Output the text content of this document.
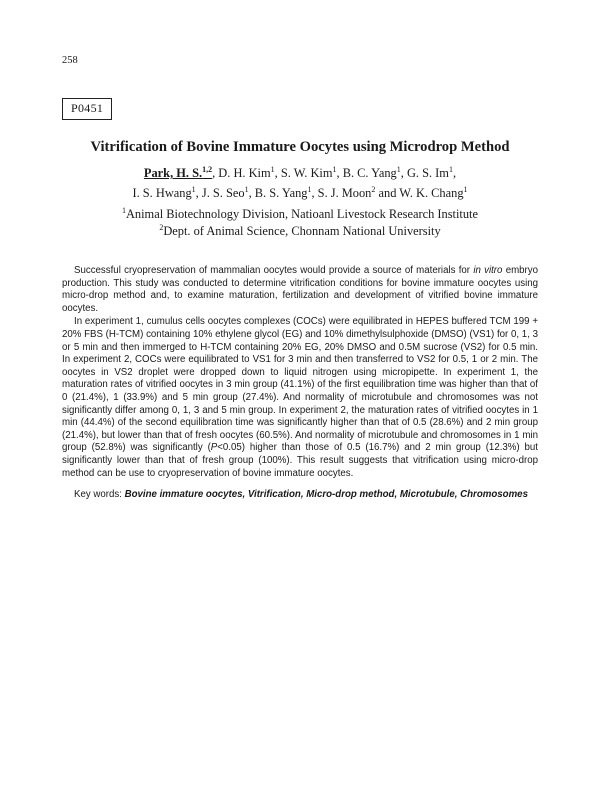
258
P0451
Vitrification of Bovine Immature Oocytes using Microdrop Method
Park, H. S.$^{1,2}$, D. H. Kim$^1$, S. W. Kim$^1$, B. C. Yang$^1$, G. S. Im$^1$,
I. S. Hwang$^1$, J. S. Seo$^1$, B. S. Yang$^1$, S. J. Moon$^2$ and W. K. Chang$^1$
$^1$Animal Biotechnology Division, Natioanl Livestock Research Institute
$^2$Dept. of Animal Science, Chonnam National University

Successful cryopreservation of mammalian oocytes would provide a source of materials for in vitro embryo production. This study was conducted to determine vitrification conditions for bovine immature oocytes using micro-drop method and, to examine maturation, fertilization and development of vitrified bovine immature oocytes.

In experiment 1, cumulus cells oocytes complexes (COCs) were equilibrated in HEPES buffered TCM 199 + 20% FBS (H-TCM) containing 10% ethylene glycol (EG) and 10% dimethylsulphoxide (DMSO) (VS1) for 0, 1, 3 or 5 min and then immerged to H-TCM containing 20% EG, 20% DMSO and 0.5M sucrose (VS2) for 0.5 min. In experiment 2, COCs were equilibrated to VS1 for 3 min and then transferred to VS2 for 0.5, 1 or 2 min. The oocytes in VS2 droplet were dropped down to liquid nitrogen using micropipette. In experiment 1, the maturation rates of vitrified oocytes in 3 min group (41.1%) of the first equilibration time was higher than that of 0 (21.4%), 1 (33.9%) and 5 min group (27.4%). And normality of microtubule and chromosomes was not significantly differ among 0, 1, 3 and 5 min group. In experiment 2, the maturation rates of vitrified oocytes in 1 min (44.4%) of the second equilibration time was significantly higher than that of 0.5 (28.6%) and 2 min group (21.4%), but lower than that of fresh oocytes (60.5%). And normality of microtubule and chromosomes in 1 min group (52.8%) was significantly (P<0.05) higher than those of 0.5 (16.7%) and 2 min group (12.3%) but significantly lower than that of fresh group (100%). This result suggests that vitrification using micro-drop method can be use to cryopreservation of bovine immature oocytes.

Key words: Bovine immature oocytes, Vitrification, Micro-drop method, Microtubule, Chromosomes
